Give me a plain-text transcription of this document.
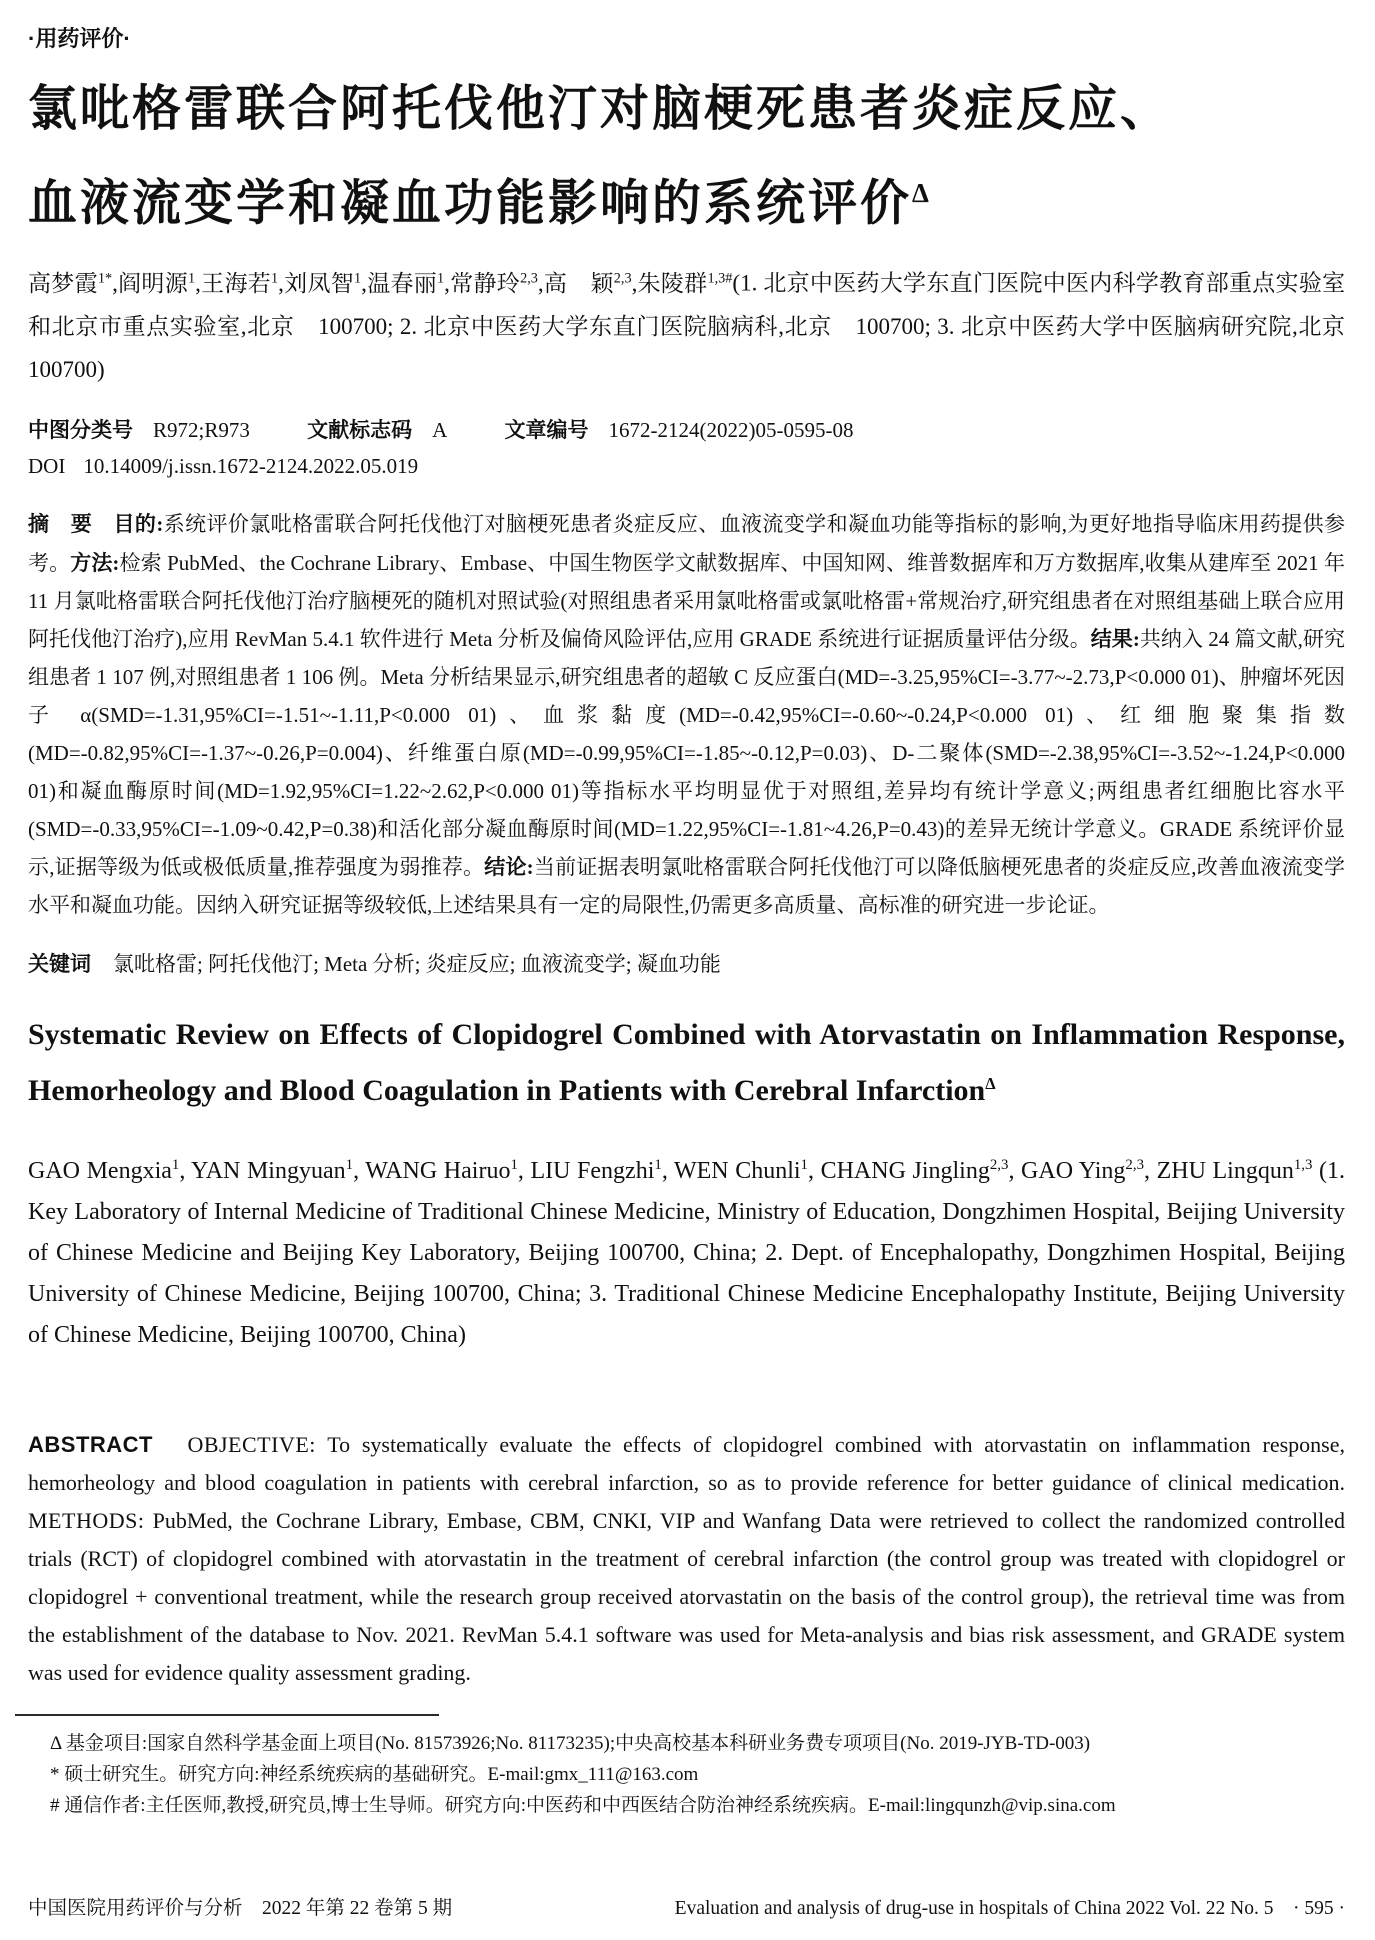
·用药评价·
氯吡格雷联合阿托伐他汀对脑梗死患者炎症反应、
血液流变学和凝血功能影响的系统评价$^\Delta$

高梦霞$^{1*}$,阎明源$^1$,王海若$^1$,刘凤智$^1$,温春丽$^1$,常静玲$^{2,3}$,高　颖$^{2,3}$,朱陵群$^{1,3\#}$(1. 北京中医药大学东直门医院中医内科学教育部重点实验室和北京市重点实验室,北京　100700; 2. 北京中医药大学东直门医院脑病科,北京　100700; 3. 北京中医药大学中医脑病研究院,北京　100700)

中图分类号 R972;R973	文献标志码 A	文章编号 1672-2124(2022)05-0595-08
DOI 10.14009/j.issn.1672-2124.2022.05.019

摘　要　 目的:系统评价氯吡格雷联合阿托伐他汀对脑梗死患者炎症反应、血液流变学和凝血功能等指标的影响,为更好地指导临床用药提供参考。方法:检索 PubMed、the Cochrane Library、Embase、中国生物医学文献数据库、中国知网、维普数据库和万方数据库,收集从建库至 2021 年 11 月氯吡格雷联合阿托伐他汀治疗脑梗死的随机对照试验(对照组患者采用氯吡格雷或氯吡格雷+常规治疗,研究组患者在对照组基础上联合应用阿托伐他汀治疗),应用 RevMan 5.4.1 软件进行 Meta 分析及偏倚风险评估,应用 GRADE 系统进行证据质量评估分级。结果:共纳入 24 篇文献,研究组患者 1 107 例,对照组患者 1 106 例。Meta 分析结果显示,研究组患者的超敏 C 反应蛋白(MD=-3.25,95%CI=-3.77~-2.73,P<0.000 01)、肿瘤坏死因子 α(SMD=-1.31,95%CI=-1.51~-1.11,P<0.000 01)、血浆黏度(MD=-0.42,95%CI=-0.60~-0.24,P<0.000 01)、红细胞聚集指数(MD=-0.82,95%CI=-1.37~-0.26,P=0.004)、纤维蛋白原(MD=-0.99,95%CI=-1.85~-0.12,P=0.03)、D-二聚体(SMD=-2.38,95%CI=-3.52~-1.24,P<0.000 01)和凝血酶原时间(MD=1.92,95%CI=1.22~2.62,P<0.000 01)等指标水平均明显优于对照组,差异均有统计学意义;两组患者红细胞比容水平(SMD=-0.33,95%CI=-1.09~0.42,P=0.38)和活化部分凝血酶原时间(MD=1.22,95%CI=-1.81~4.26,P=0.43)的差异无统计学意义。GRADE 系统评价显示,证据等级为低或极低质量,推荐强度为弱推荐。结论:当前证据表明氯吡格雷联合阿托伐他汀可以降低脑梗死患者的炎症反应,改善血液流变学水平和凝血功能。因纳入研究证据等级较低,上述结果具有一定的局限性,仍需更多高质量、高标准的研究进一步论证。

关键词 氯吡格雷; 阿托伐他汀; Meta 分析; 炎症反应; 血液流变学; 凝血功能

Systematic Review on Effects of Clopidogrel Combined with Atorvastatin on Inflammation Response, Hemorheology and Blood Coagulation in Patients with Cerebral Infarction$^\Delta$

GAO Mengxia$^1$, YAN Mingyuan$^1$, WANG Hairuo$^1$, LIU Fengzhi$^1$, WEN Chunli$^1$, CHANG Jingling$^{2,3}$, GAO Ying$^{2,3}$, ZHU Lingqun$^{1,3}$ (1. Key Laboratory of Internal Medicine of Traditional Chinese Medicine, Ministry of Education, Dongzhimen Hospital, Beijing University of Chinese Medicine and Beijing Key Laboratory, Beijing 100700, China; 2. Dept. of Encephalopathy, Dongzhimen Hospital, Beijing University of Chinese Medicine, Beijing 100700, China; 3. Traditional Chinese Medicine Encephalopathy Institute, Beijing University of Chinese Medicine, Beijing 100700, China)

ABSTRACT　 OBJECTIVE: To systematically evaluate the effects of clopidogrel combined with atorvastatin on inflammation response, hemorheology and blood coagulation in patients with cerebral infarction, so as to provide reference for better guidance of clinical medication. METHODS: PubMed, the Cochrane Library, Embase, CBM, CNKI, VIP and Wanfang Data were retrieved to collect the randomized controlled trials (RCT) of clopidogrel combined with atorvastatin in the treatment of cerebral infarction (the control group was treated with clopidogrel or clopidogrel + conventional treatment, while the research group received atorvastatin on the basis of the control group), the retrieval time was from the establishment of the database to Nov. 2021. RevMan 5.4.1 software was used for Meta-analysis and bias risk assessment, and GRADE system was used for evidence quality assessment grading.

Δ 基金项目:国家自然科学基金面上项目(No. 81573926;No. 81173235);中央高校基本科研业务费专项项目(No. 2019-JYB-TD-003)

* 硕士研究生。研究方向:神经系统疾病的基础研究。E-mail:gmx_111@163.com

# 通信作者:主任医师,教授,研究员,博士生导师。研究方向:中医药和中西医结合防治神经系统疾病。E-mail:lingqunzh@vip.sina.com

中国医院用药评价与分析　2022 年第 22 卷第 5 期	Evaluation and analysis of drug-use in hospitals of China 2022 Vol. 22 No. 5　· 595 ·
